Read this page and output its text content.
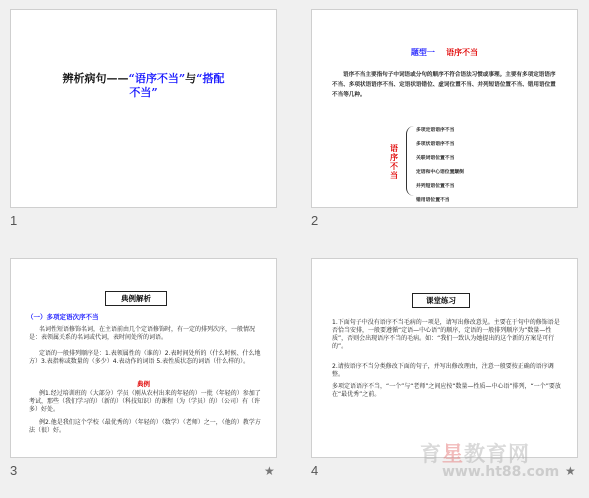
辨析病句——“语序不当”与“搭配
不当”
1
题型一 语序不当
语序不当主要指句子中词语或分句的顺序不符合语法习惯或事理。主要有多项定语语序不当、多项状语语序不当、定语状语错位、虚词位置不当、并列短语位置不当、错用语位置不当等几种。
语序不当
多项定语语序不当
多项状语语序不当
关联词语位置不当
定语和中心语位置颠倒
并列短语位置不当
错用语位置不当
2
典例解析
（一）多项定语次序不当
名词性短语修饰名词，在主语前由几个定语修饰时，有一定的排列次序，一般情况是：表领属关系的名词或代词，表时间处所的词语。
定语的一般排列顺序是：1.表领属性的（谁的）2.表时间处所的（什么时候、什么地方）3.表指称或数量的（多少）4.表动作的词语 5.表性质状态的词语（什么样的）。
典例
例1.经过培训班的（大部分）学员（刚从农村出来的年轻的）一批（年轻的）参加了考试，那些（我们学习的）（新的）（科技知识）的课程（为（学员）的）（公司）有（许多）好处。
例2.他是我们这个学校（最优秀的）（年轻的）（数学）（老师）之一，（他的）教学方法（很）好。
3	★
课堂练习
1.下面句子中没有语序不当毛病的一项是，请写出修改意见。主要在于句中的修饰语是否恰当安排，一般要遵循“定语—中心语”的顺序，定语的一般排列顺序为“数量—性质”，否则会出现语序不当的毛病。如：“我们一致认为她提出的这个新的方案是可行的”。
2.请按语序不当分类修改下面的句子，并写出修改理由，注意一般要按正确的语序调整。
多项定语语序不当，“一个”与“老师”之间应按“数量—性质—中心语”排列，“一个”要放在“最优秀”之前。
4	★
育星教育网
www.ht88.com
